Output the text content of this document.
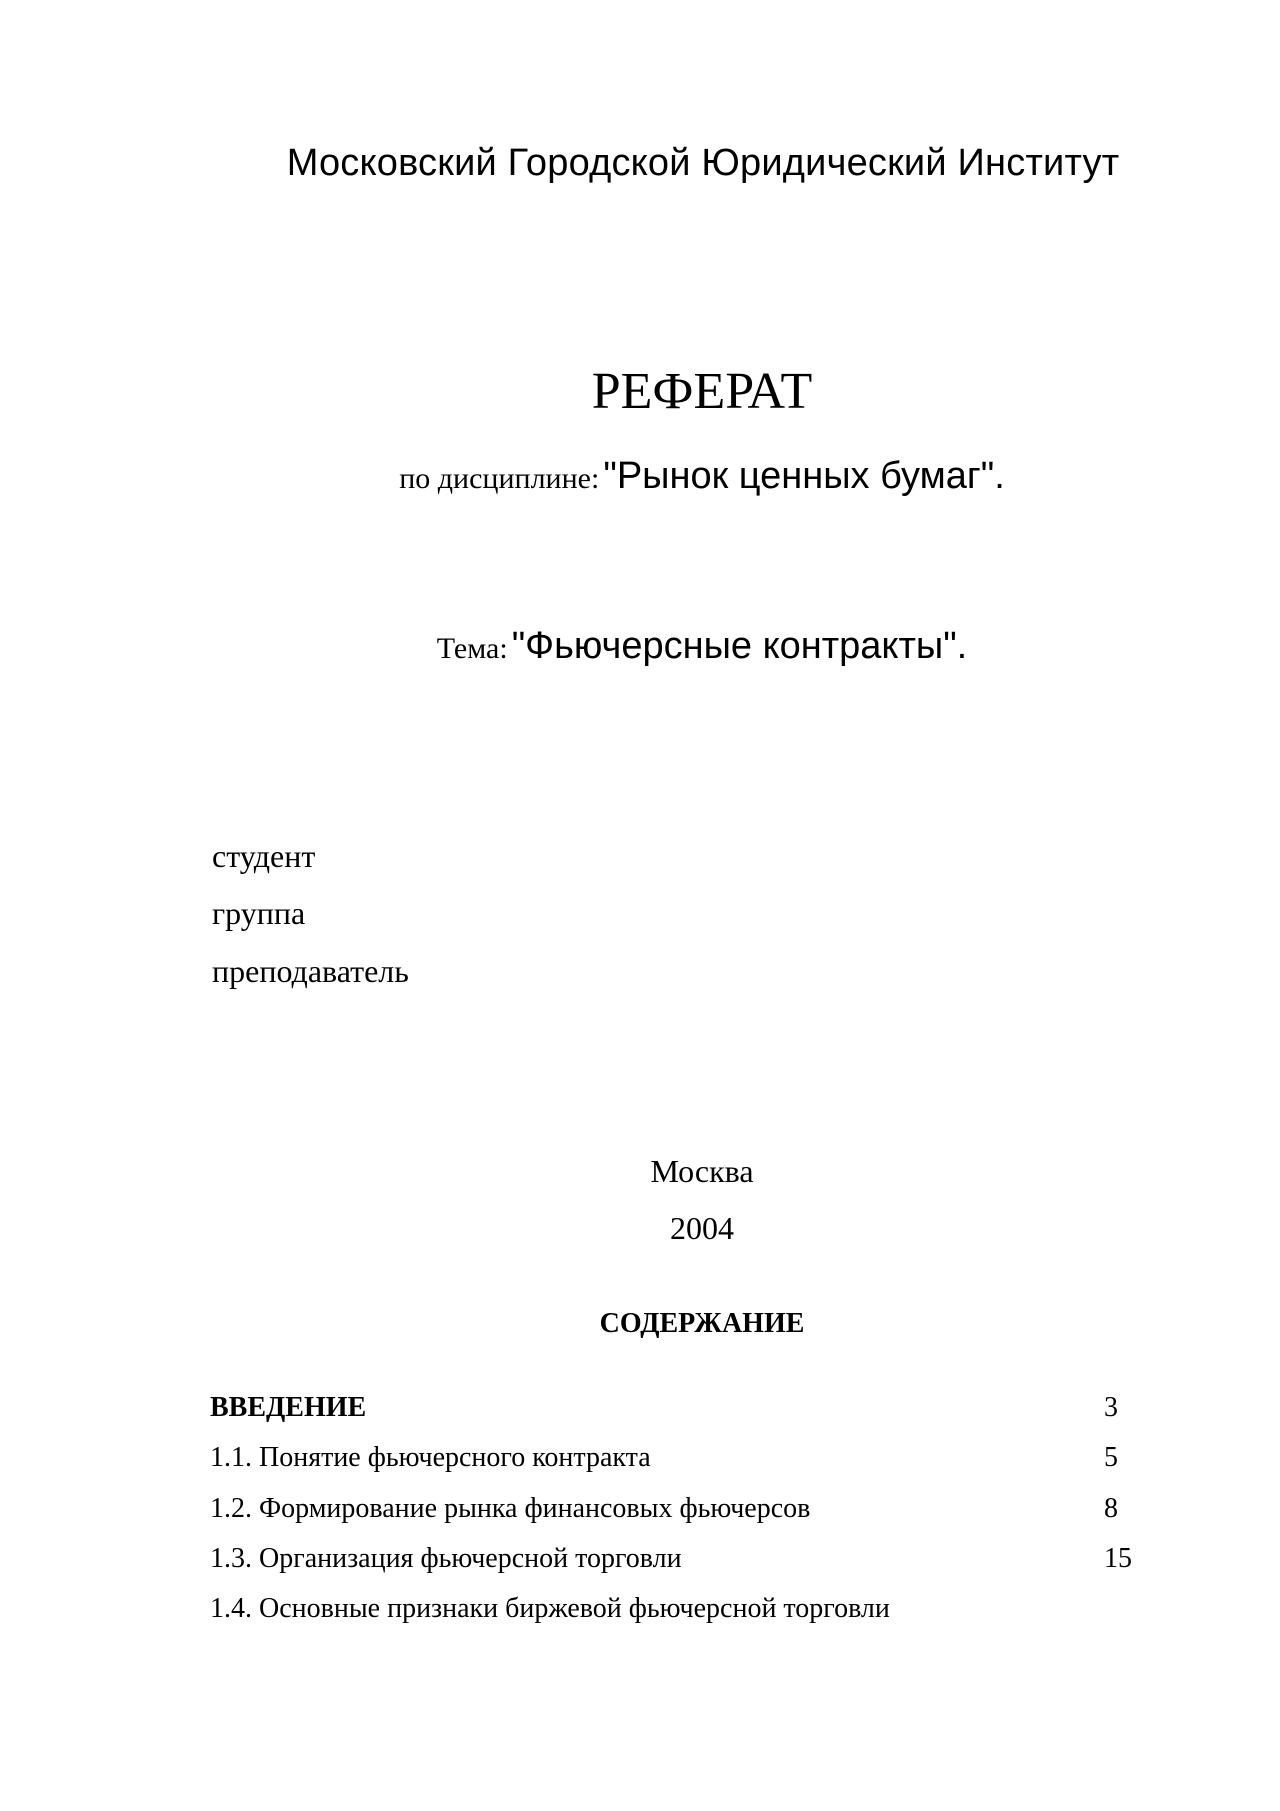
Московский Городской Юридический Институт
РЕФЕРАТ
по дисциплине: "Рынок ценных бумаг".
Тема: "Фьючерсные контракты".
студент
группа
преподаватель
Москва
2004
СОДЕРЖАНИЕ
ВВЕДЕНИЕ	3
1.1. Понятие фьючерсного контракта	5
1.2. Формирование рынка финансовых фьючерсов	8
1.3. Организация фьючерсной торговли	15
1.4. Основные признаки биржевой фьючерсной торговли
